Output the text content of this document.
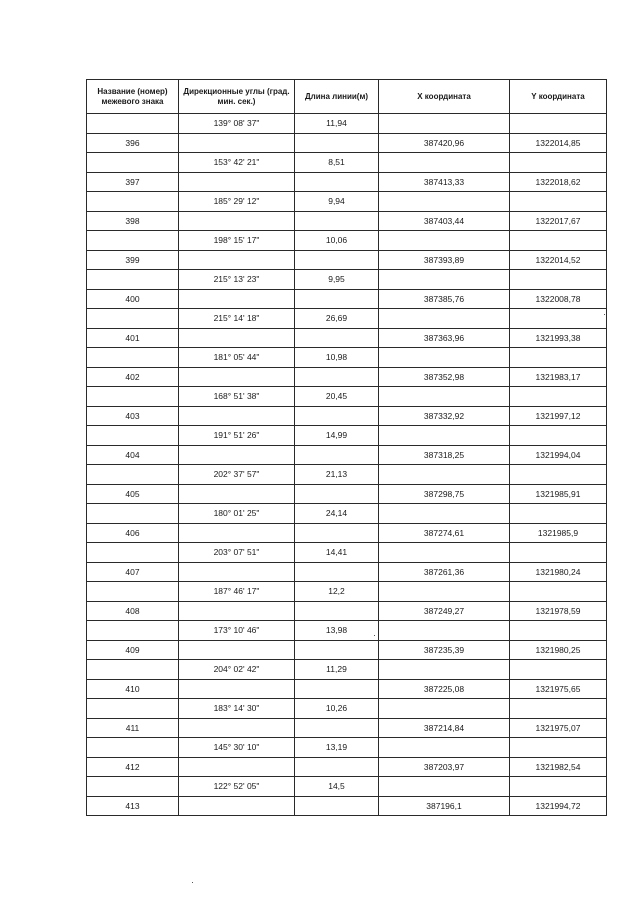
Название (номер) межевого знака	Дирекционные углы (град. мин. сек.)	Длина линии(м)	X координата	Y координата
	139° 08' 37"	11,94		
396			387420,96	1322014,85
	153° 42' 21"	8,51		
397			387413,33	1322018,62
	185° 29' 12"	9,94		
398			387403,44	1322017,67
	198° 15' 17"	10,06		
399			387393,89	1322014,52
	215° 13' 23"	9,95		
400			387385,76	1322008,78
	215° 14' 18"	26,69		
401			387363,96	1321993,38
	181° 05' 44"	10,98		
402			387352,98	1321983,17
	168° 51' 38"	20,45		
403			387332,92	1321997,12
	191° 51' 26"	14,99		
404			387318,25	1321994,04
	202° 37' 57"	21,13		
405			387298,75	1321985,91
	180° 01' 25"	24,14		
406			387274,61	1321985,9
	203° 07' 51"	14,41		
407			387261,36	1321980,24
	187° 46' 17"	12,2		
408			387249,27	1321978,59
	173° 10' 46"	13,98		
409			387235,39	1321980,25
	204° 02' 42"	11,29		
410			387225,08	1321975,65
	183° 14' 30"	10,26		
411			387214,84	1321975,07
	145° 30' 10"	13,19		
412			387203,97	1321982,54
	122° 52' 05"	14,5		
413			387196,1	1321994,72
